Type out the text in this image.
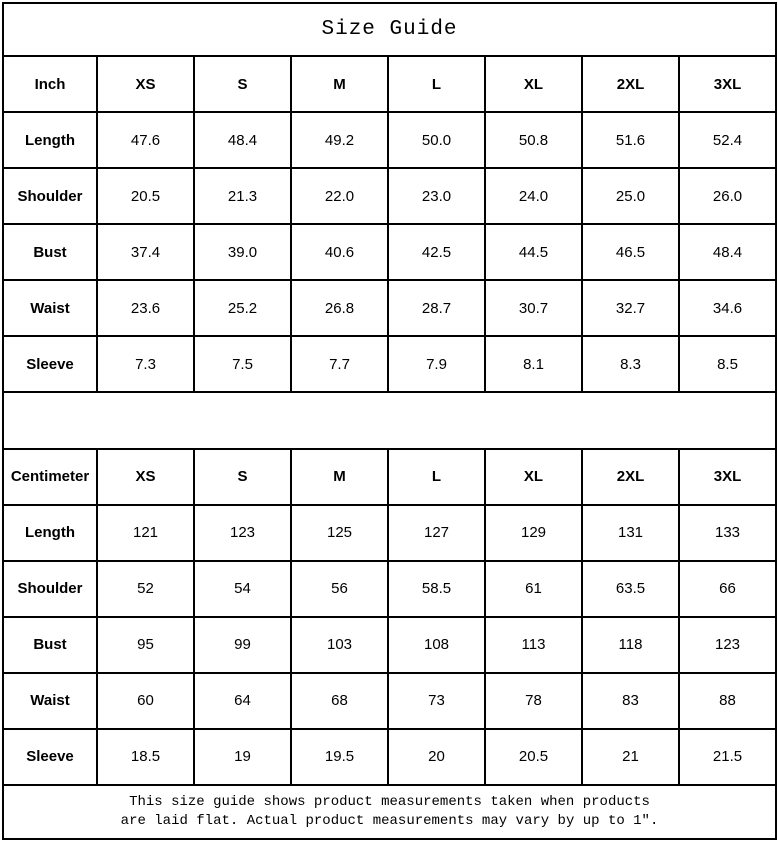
Size Guide							
Inch	XS	S	M	L	XL	2XL	3XL
Length	47.6	48.4	49.2	50.0	50.8	51.6	52.4
Shoulder	20.5	21.3	22.0	23.0	24.0	25.0	26.0
Bust	37.4	39.0	40.6	42.5	44.5	46.5	48.4
Waist	23.6	25.2	26.8	28.7	30.7	32.7	34.6
Sleeve	7.3	7.5	7.7	7.9	8.1	8.3	8.5

Centimeter	XS	S	M	L	XL	2XL	3XL
Length	121	123	125	127	129	131	133
Shoulder	52	54	56	58.5	61	63.5	66
Bust	95	99	103	108	113	118	123
Waist	60	64	68	73	78	83	88
Sleeve	18.5	19	19.5	20	20.5	21	21.5

This size guide shows product measurements taken when products
are laid flat. Actual product measurements may vary by up to 1″.							
